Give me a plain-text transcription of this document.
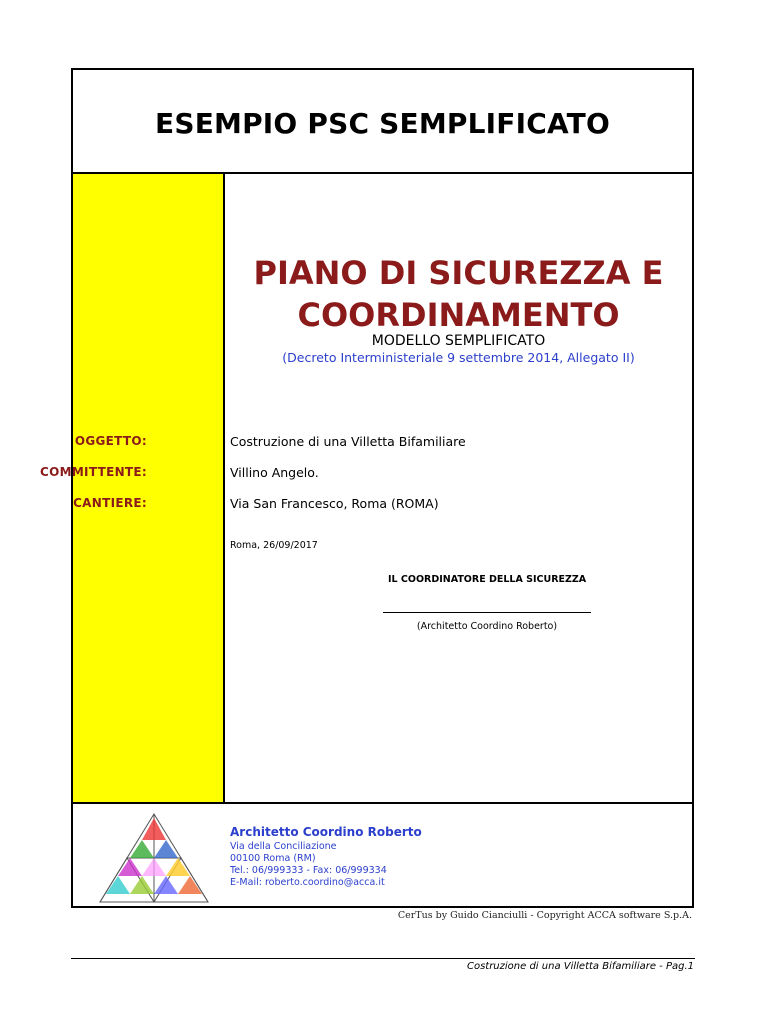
ESEMPIO PSC SEMPLIFICATO
PIANO DI SICUREZZA E
COORDINAMENTO
MODELLO SEMPLIFICATO
(Decreto Interministeriale 9 settembre 2014, Allegato II)
OGGETTO:	Costruzione di una Villetta Bifamiliare
COMMITTENTE:	Villino Angelo.
CANTIERE:	Via San Francesco, Roma (ROMA)
Roma, 26/09/2017
IL COORDINATORE DELLA SICUREZZA
(Architetto Coordino Roberto)
Architetto Coordino Roberto
Via della Conciliazione
00100 Roma (RM)
Tel.: 06/999333 - Fax: 06/999334
E-Mail: roberto.coordino@acca.it
CerTus by Guido Cianciulli - Copyright ACCA software S.p.A.
Costruzione di una Villetta Bifamiliare - Pag.1
